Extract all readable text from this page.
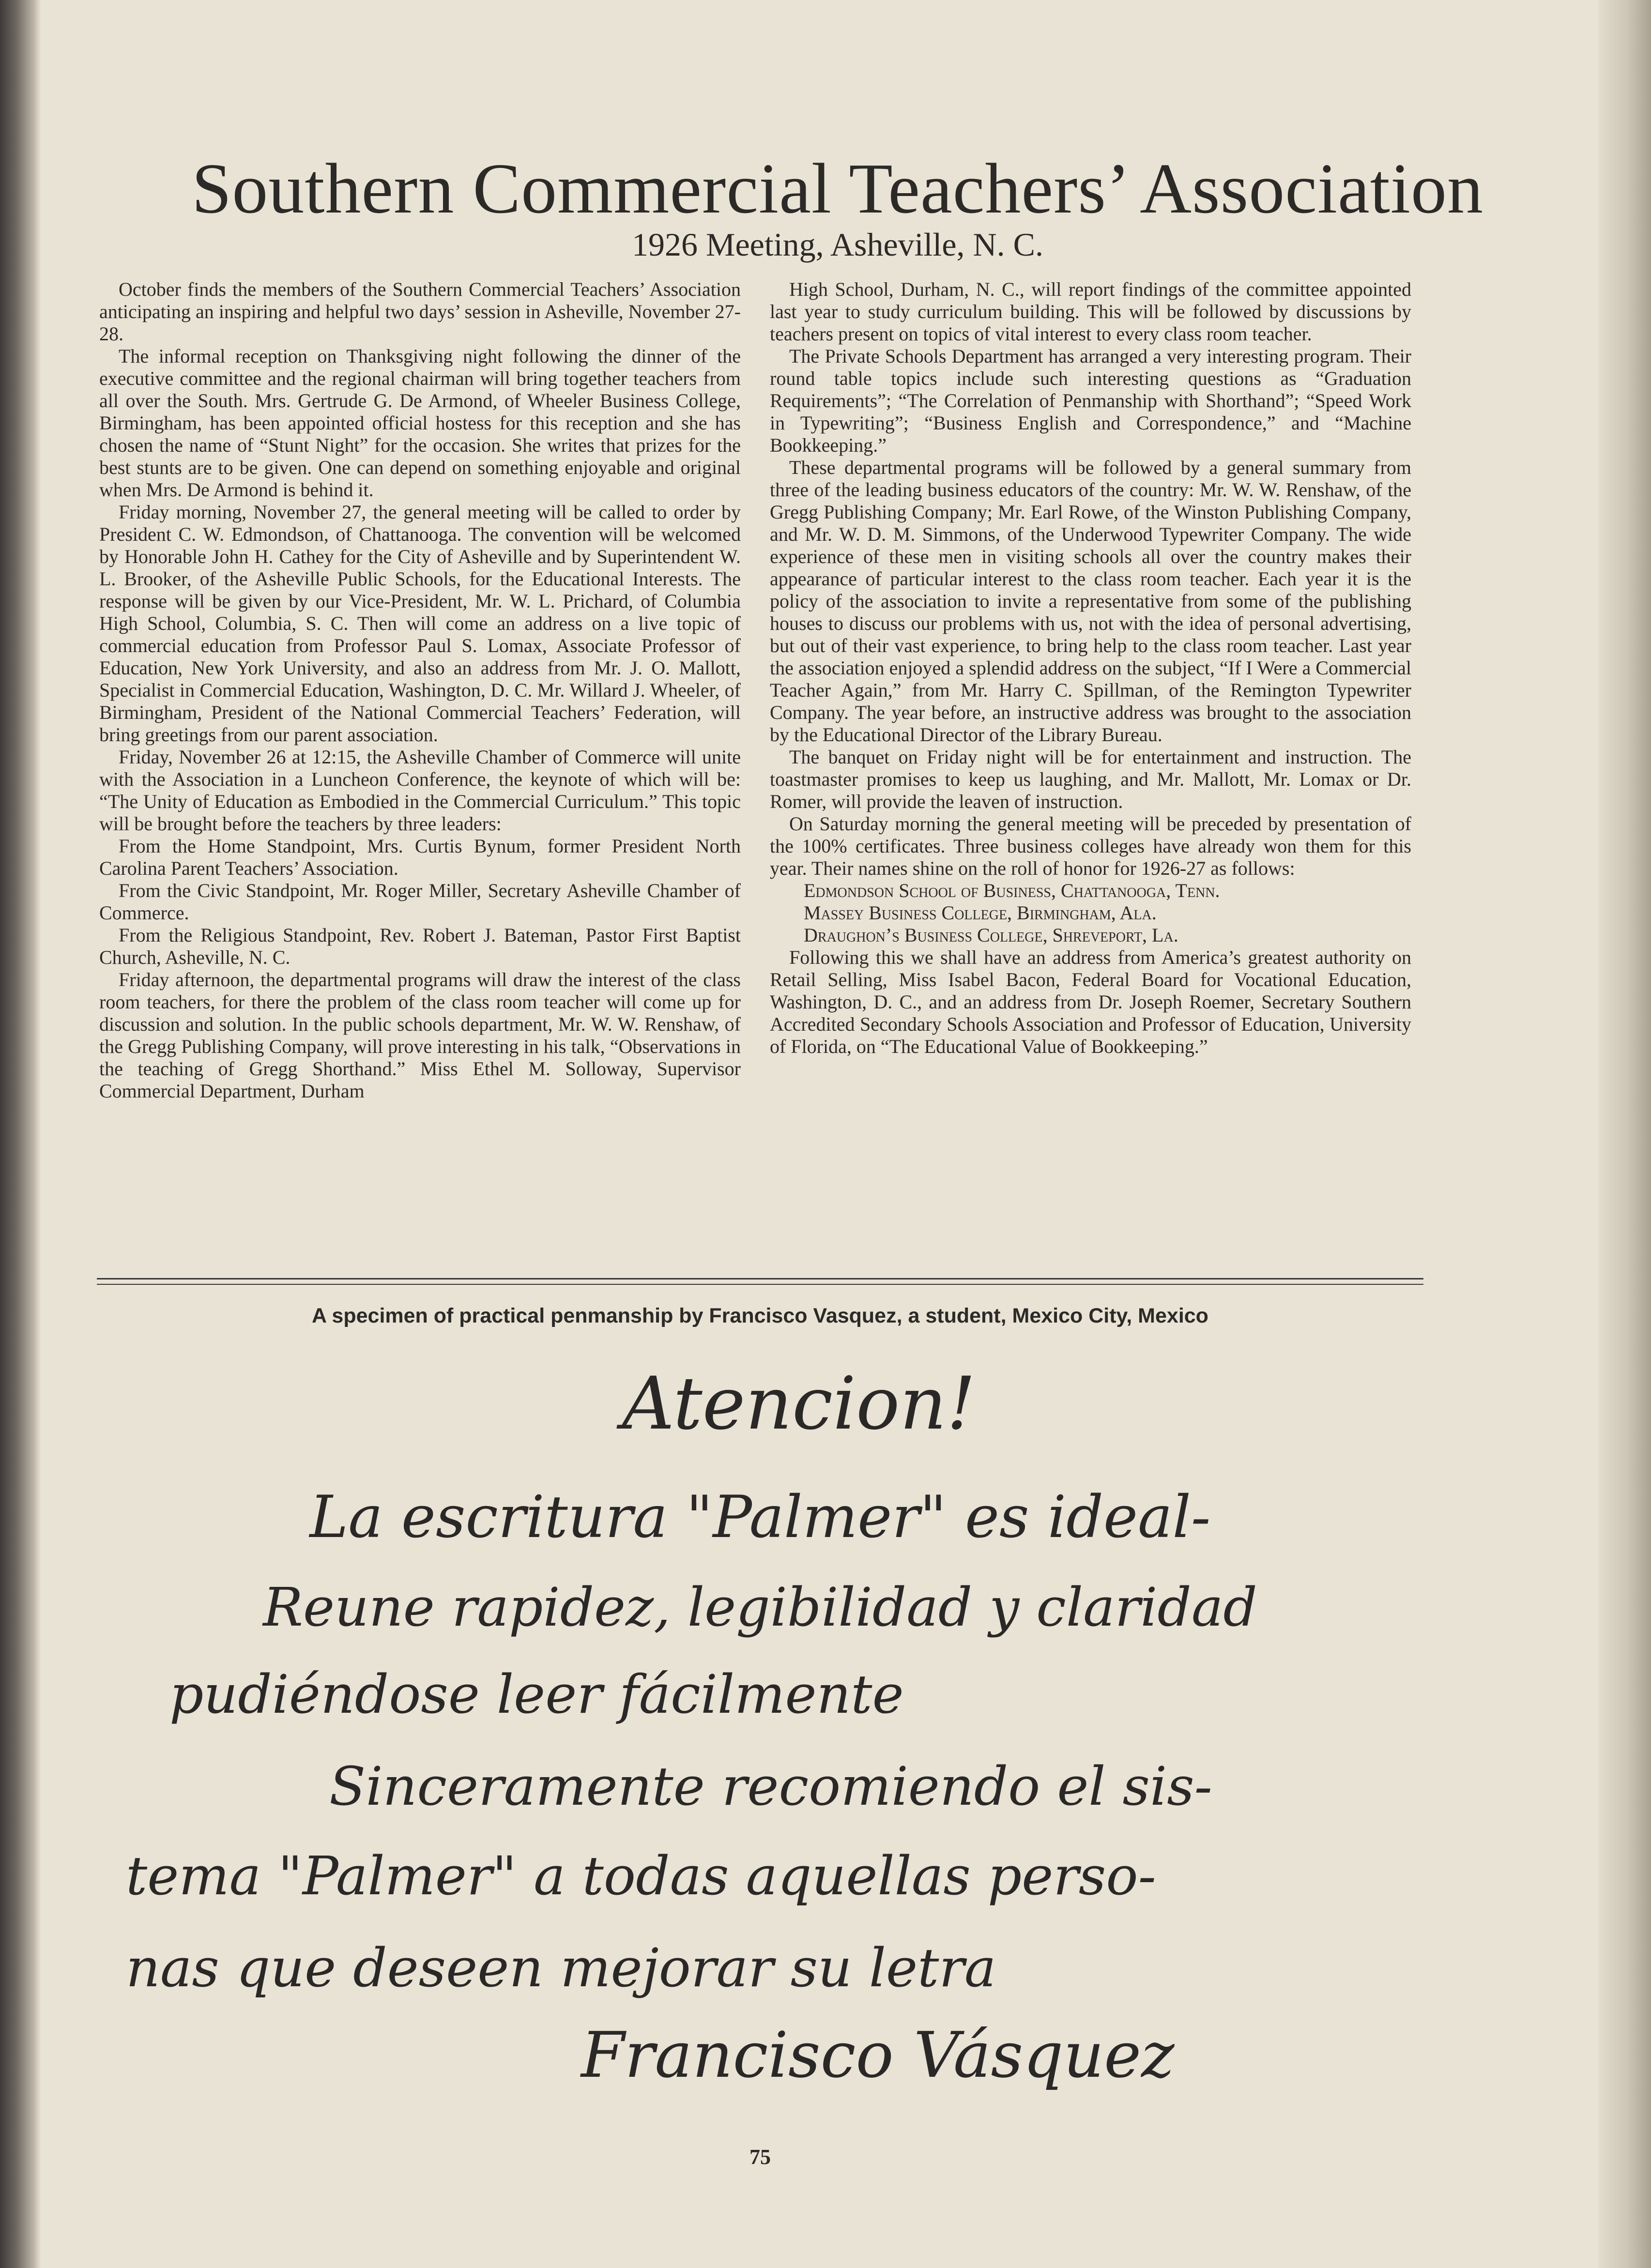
Southern Commercial Teachers’ Association
1926 Meeting, Asheville, N. C.

October finds the members of the Southern Commercial Teachers’ Association anticipating an inspiring and helpful two days’ session in Asheville, November 27-28.

The informal reception on Thanksgiving night following the dinner of the executive committee and the regional chairman will bring together teachers from all over the South. Mrs. Gertrude G. De Armond, of Wheeler Business College, Birmingham, has been appointed official hostess for this reception and she has chosen the name of “Stunt Night” for the occasion. She writes that prizes for the best stunts are to be given. One can depend on something enjoyable and original when Mrs. De Armond is behind it.

Friday morning, November 27, the general meeting will be called to order by President C. W. Edmondson, of Chattanooga. The convention will be welcomed by Honorable John H. Cathey for the City of Asheville and by Superintendent W. L. Brooker, of the Asheville Public Schools, for the Educational Interests. The response will be given by our Vice-President, Mr. W. L. Prichard, of Columbia High School, Columbia, S. C. Then will come an address on a live topic of commercial education from Professor Paul S. Lomax, Associate Professor of Education, New York University, and also an address from Mr. J. O. Mallott, Specialist in Commercial Education, Washington, D. C. Mr. Willard J. Wheeler, of Birmingham, President of the National Commercial Teachers’ Federation, will bring greetings from our parent association.

Friday, November 26 at 12:15, the Asheville Chamber of Commerce will unite with the Association in a Luncheon Conference, the keynote of which will be: “The Unity of Education as Embodied in the Commercial Curriculum.” This topic will be brought before the teachers by three leaders:

From the Home Standpoint, Mrs. Curtis Bynum, former President North Carolina Parent Teachers’ Association.

From the Civic Standpoint, Mr. Roger Miller, Secretary Asheville Chamber of Commerce.

From the Religious Standpoint, Rev. Robert J. Bateman, Pastor First Baptist Church, Asheville, N. C.

Friday afternoon, the departmental programs will draw the interest of the class room teachers, for there the problem of the class room teacher will come up for discussion and solution. In the public schools department, Mr. W. W. Renshaw, of the Gregg Publishing Company, will prove interesting in his talk, “Observations in the teaching of Gregg Shorthand.” Miss Ethel M. Solloway, Supervisor Commercial Department, Durham

High School, Durham, N. C., will report findings of the committee appointed last year to study curriculum building. This will be followed by discussions by teachers present on topics of vital interest to every class room teacher.

The Private Schools Department has arranged a very interesting program. Their round table topics include such interesting questions as “Graduation Requirements”; “The Correlation of Penmanship with Shorthand”; “Speed Work in Typewriting”; “Business English and Correspondence,” and “Machine Bookkeeping.”

These departmental programs will be followed by a general summary from three of the leading business educators of the country: Mr. W. W. Renshaw, of the Gregg Publishing Company; Mr. Earl Rowe, of the Winston Publishing Company, and Mr. W. D. M. Simmons, of the Underwood Typewriter Company. The wide experience of these men in visiting schools all over the country makes their appearance of particular interest to the class room teacher. Each year it is the policy of the association to invite a representative from some of the publishing houses to discuss our problems with us, not with the idea of personal advertising, but out of their vast experience, to bring help to the class room teacher. Last year the association enjoyed a splendid address on the subject, “If I Were a Commercial Teacher Again,” from Mr. Harry C. Spillman, of the Remington Typewriter Company. The year before, an instructive address was brought to the association by the Educational Director of the Library Bureau.

The banquet on Friday night will be for entertainment and instruction. The toastmaster promises to keep us laughing, and Mr. Mallott, Mr. Lomax or Dr. Romer, will provide the leaven of instruction.

On Saturday morning the general meeting will be preceded by presentation of the 100% certificates. Three business colleges have already won them for this year. Their names shine on the roll of honor for 1926-27 as follows:

Edmondson School of Business, Chattanooga, Tenn.

Massey Business College, Birmingham, Ala.

Draughon’s Business College, Shreveport, La.

Following this we shall have an address from America’s greatest authority on Retail Selling, Miss Isabel Bacon, Federal Board for Vocational Education, Washington, D. C., and an address from Dr. Joseph Roemer, Secretary Southern Accredited Secondary Schools Association and Professor of Education, University of Florida, on “The Educational Value of Bookkeeping.”

A specimen of practical penmanship by Francisco Vasquez, a student, Mexico City, Mexico
Atencion!
La escritura "Palmer" es ideal-
Reune rapidez, legibilidad y claridad
pudiéndose leer fácilmente
Sinceramente recomiendo el sis-
tema "Palmer" a todas aquellas perso-
nas que deseen mejorar su letra
Francisco Vásquez
75
